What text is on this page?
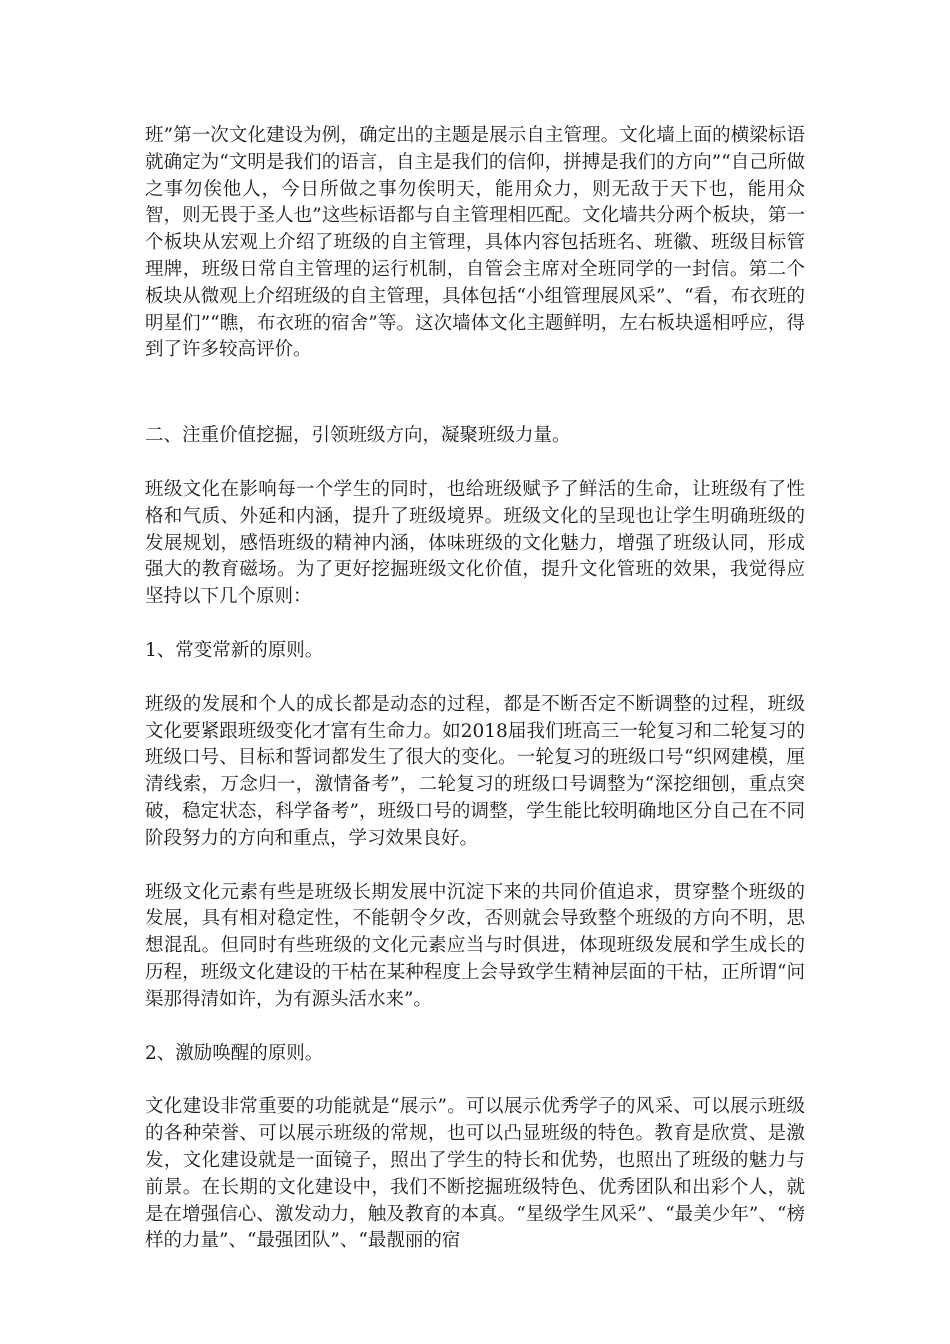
班”第一次文化建设为例，确定出的主题是展示自主管理。文化墙上面的横梁标语就确定为“文明是我们的语言，自主是我们的信仰，拼搏是我们的方向”“自己所做之事勿俟他人，今日所做之事勿俟明天，能用众力，则无敌于天下也，能用众智，则无畏于圣人也”这些标语都与自主管理相匹配。文化墙共分两个板块，第一个板块从宏观上介绍了班级的自主管理，具体内容包括班名、班徽、班级目标管理牌，班级日常自主管理的运行机制，自管会主席对全班同学的一封信。第二个板块从微观上介绍班级的自主管理，具体包括“小组管理展风采”、“看，布衣班的明星们”“瞧，布衣班的宿舍”等。这次墙体文化主题鲜明，左右板块遥相呼应，得到了许多较高评价。

二、注重价值挖掘，引领班级方向，凝聚班级力量。

班级文化在影响每一个学生的同时，也给班级赋予了鲜活的生命，让班级有了性格和气质、外延和内涵，提升了班级境界。班级文化的呈现也让学生明确班级的发展规划，感悟班级的精神内涵，体味班级的文化魅力，增强了班级认同，形成强大的教育磁场。为了更好挖掘班级文化价值，提升文化管班的效果，我觉得应坚持以下几个原则：

1、常变常新的原则。

班级的发展和个人的成长都是动态的过程，都是不断否定不断调整的过程，班级文化要紧跟班级变化才富有生命力。如2018届我们班高三一轮复习和二轮复习的班级口号、目标和誓词都发生了很大的变化。一轮复习的班级口号“织网建模，厘清线索，万念归一，激情备考”，二轮复习的班级口号调整为“深挖细刨，重点突破，稳定状态，科学备考”，班级口号的调整，学生能比较明确地区分自己在不同阶段努力的方向和重点，学习效果良好。

班级文化元素有些是班级长期发展中沉淀下来的共同价值追求，贯穿整个班级的发展，具有相对稳定性，不能朝令夕改，否则就会导致整个班级的方向不明，思想混乱。但同时有些班级的文化元素应当与时俱进，体现班级发展和学生成长的历程，班级文化建设的干枯在某种程度上会导致学生精神层面的干枯，正所谓“问渠那得清如许，为有源头活水来”。

2、激励唤醒的原则。

文化建设非常重要的功能就是“展示”。可以展示优秀学子的风采、可以展示班级的各种荣誉、可以展示班级的常规，也可以凸显班级的特色。教育是欣赏、是激发，文化建设就是一面镜子，照出了学生的特长和优势，也照出了班级的魅力与前景。在长期的文化建设中，我们不断挖掘班级特色、优秀团队和出彩个人，就是在增强信心、激发动力，触及教育的本真。“星级学生风采”、“最美少年”、“榜样的力量”、“最强团队”、“最靓丽的宿
